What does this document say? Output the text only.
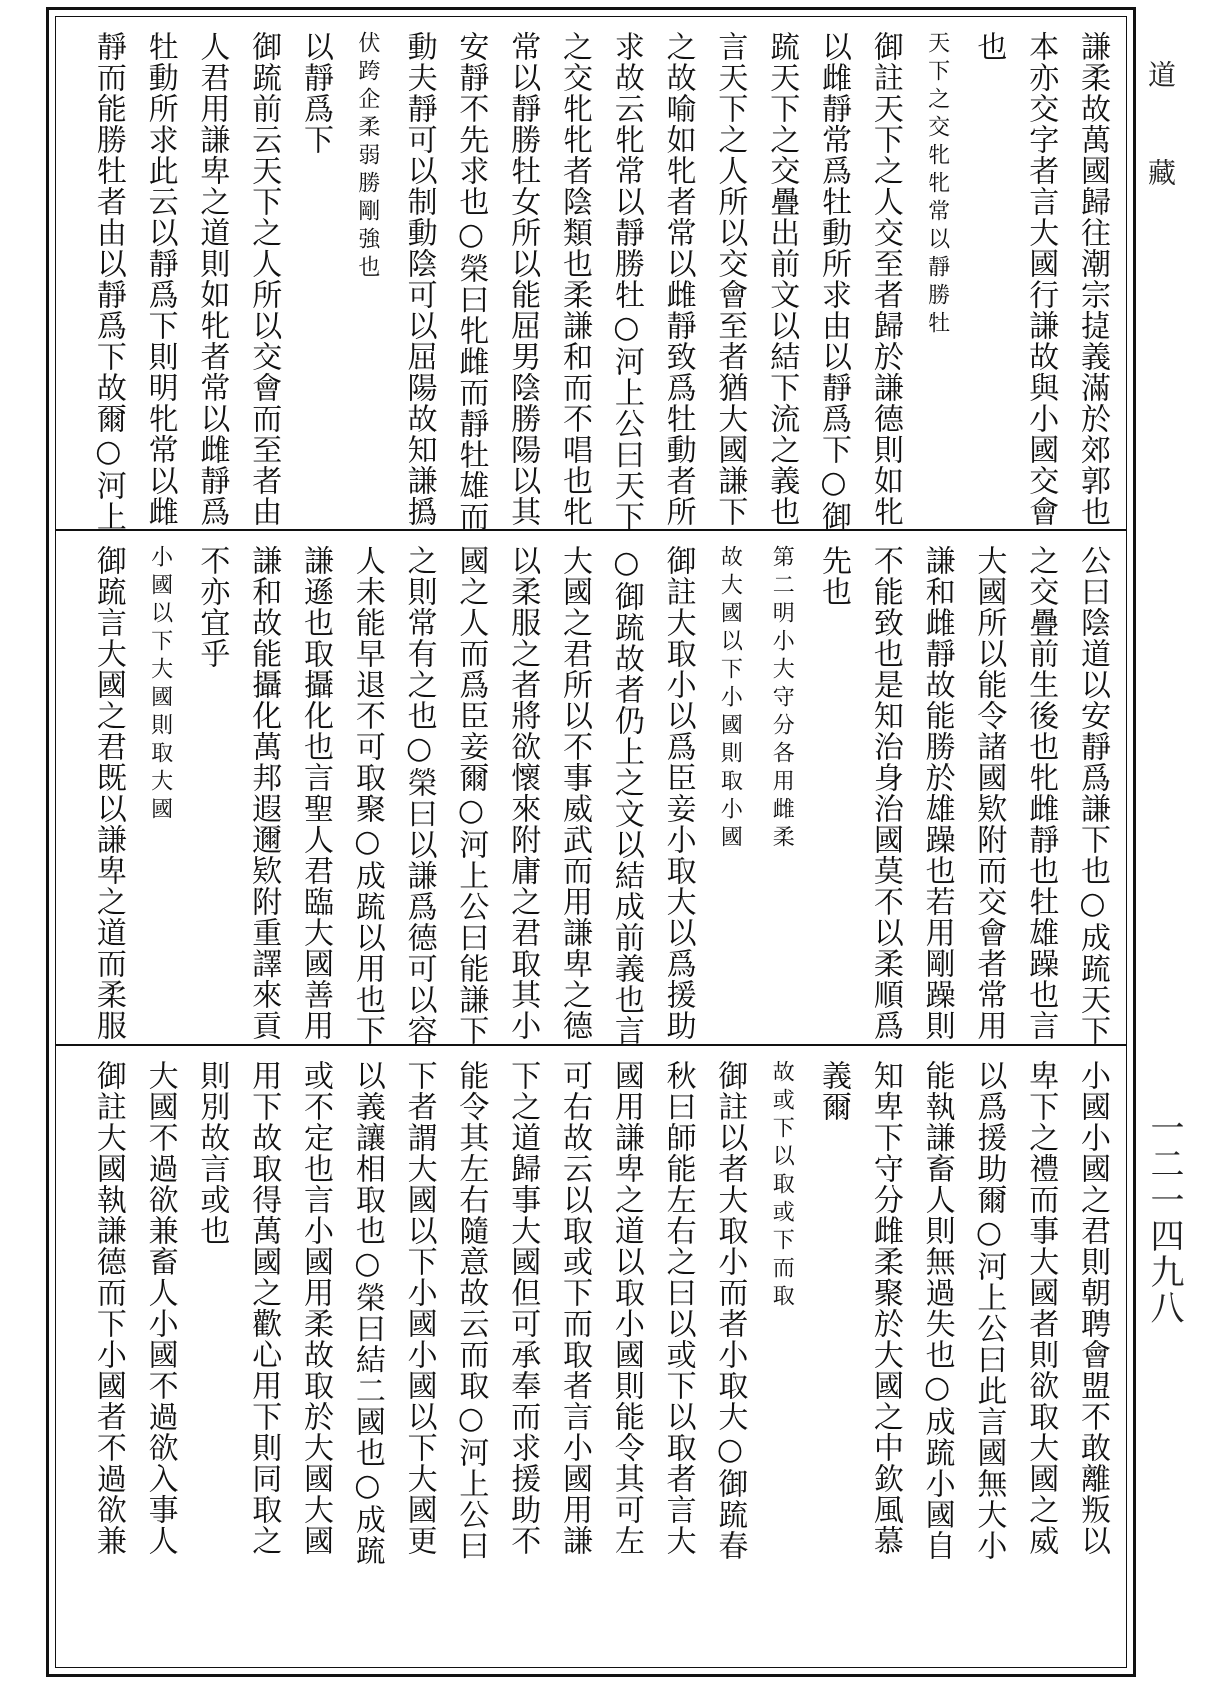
謙柔故萬國歸往潮宗㨗義滿於郊郭也
本亦交字者言大國行謙故與小國交會
也
天下之交牝牝常以靜勝牡
御註天下之人交至者歸於謙德則如牝
以雌靜常爲牡動所求由以靜爲下○御
䟽天下之交疊出前文以結下流之義也
言天下之人所以交會至者猶大國謙下
之故喻如牝者常以雌靜致爲牡動者所
求故云牝常以靜勝牡○河上公曰天下
之交牝牝者陰類也柔謙和而不唱也牝
常以靜勝牡女所以能屈男陰勝陽以其
安靜不先求也○榮曰牝雌而靜牡雄而
動夫靜可以制動陰可以屈陽故知謙撝
伏跨企柔弱勝剛強也
以靜爲下
御䟽前云天下之人所以交會而至者由
人君用謙卑之道則如牝者常以雌靜爲
牡動所求此云以靜爲下則明牝常以雌
靜而能勝牡者由以靜爲下故爾○河上
公曰陰道以安靜爲謙下也○成䟽天下
之交疊前生後也牝雌靜也牡雄躁也言
大國所以能令諸國欵附而交會者常用
謙和雌靜故能勝於雄躁也若用剛躁則
不能致也是知治身治國莫不以柔順爲
先也
第二明小大守分各用雌柔
故大國以下小國則取小國
御註大取小以爲臣妾小取大以爲援助
○御䟽故者仍上之文以結成前義也言
大國之君所以不事威武而用謙卑之德
以柔服之者將欲懷來附庸之君取其小
國之人而爲臣妾爾○河上公曰能謙下
之則常有之也○榮曰以謙爲德可以容
人未能早退不可取聚○成䟽以用也下
謙遜也取攝化也言聖人君臨大國善用
謙和故能攝化萬邦遐邇欵附重譯來貢
不亦宜乎
小國以下大國則取大國
御䟽言大國之君既以謙卑之道而柔服
小國小國之君則朝聘會盟不敢離叛以
卑下之禮而事大國者則欲取大國之威
以爲援助爾○河上公曰此言國無大小
能執謙畜人則無過失也○成䟽小國自
知卑下守分雌柔聚於大國之中欽風慕
義爾
故或下以取或下而取
御註以者大取小而者小取大○御䟽春
秋曰師能左右之曰以或下以取者言大
國用謙卑之道以取小國則能令其可左
可右故云以取或下而取者言小國用謙
下之道歸事大國但可承奉而求援助不
能令其左右隨意故云而取○河上公曰
下者謂大國以下小國小國以下大國更
以義讓相取也○榮曰結二國也○成䟽
或不定也言小國用柔故取於大國大國
用下故取得萬國之歡心用下則同取之
則別故言或也
大國不過欲兼畜人小國不過欲入事人
御註大國執謙德而下小國者不過欲兼
道藏
一二一四九八
